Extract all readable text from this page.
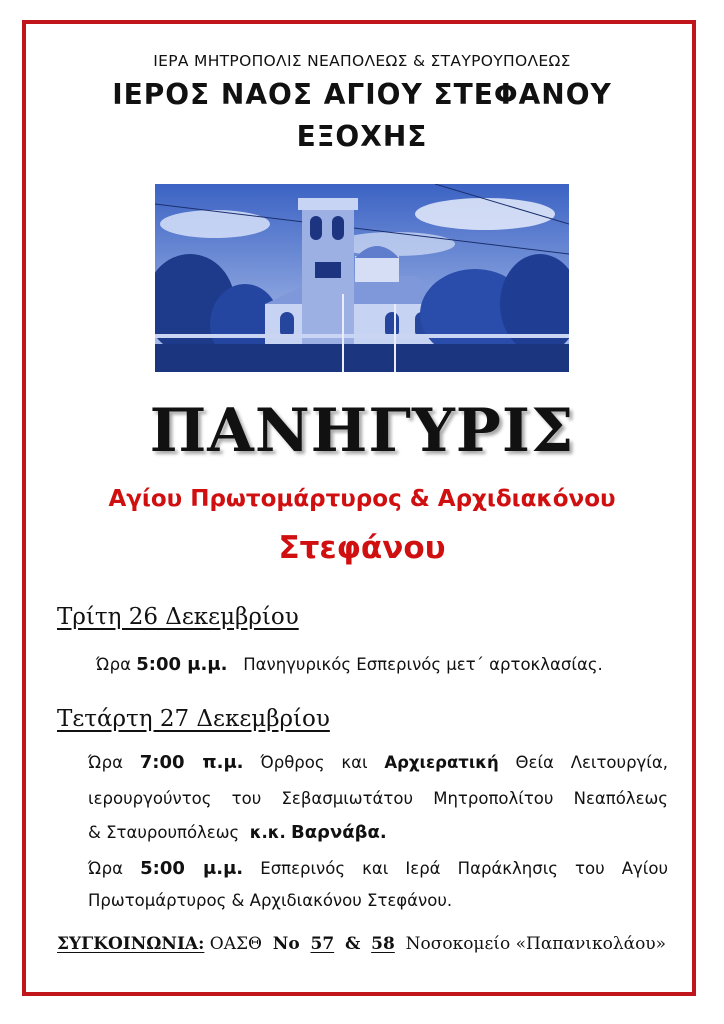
ΙΕΡΑ ΜΗΤΡΟΠΟΛΙΣ ΝΕΑΠΟΛΕΩΣ & ΣΤΑΥΡΟΥΠΟΛΕΩΣ
ΙΕΡΟΣ ΝΑΟΣ ΑΓΙΟΥ ΣΤΕΦΑΝΟΥ
ΕΞΟΧΗΣ
ΠΑΝΗΓΥΡΙΣ
Αγίου Πρωτομάρτυρος & Αρχιδιακόνου
Στεφάνου
Τρίτη 26 Δεκεμβρίου
Ώρα 5:00 μ.μ. Πανηγυρικός Εσπερινός μετ΄ αρτοκλασίας.
Τετάρτη 27 Δεκεμβρίου
Ώρα 7:00 π.μ. Όρθρος και Αρχιερατική Θεία Λειτουργία,
ιερουργούντος του Σεβασμιωτάτου Μητροπολίτου Νεαπόλεως
& Σταυρουπόλεως κ.κ. Βαρνάβα.
Ώρα 5:00 μ.μ. Εσπερινός και Ιερά Παράκλησις του Αγίου
Πρωτομάρτυρος & Αρχιδιακόνου Στεφάνου.
ΣΥΓΚΟΙΝΩΝΙΑ: ΟΑΣΘ Νο 57 & 58 Νοσοκομείο «Παπανικολάου»
